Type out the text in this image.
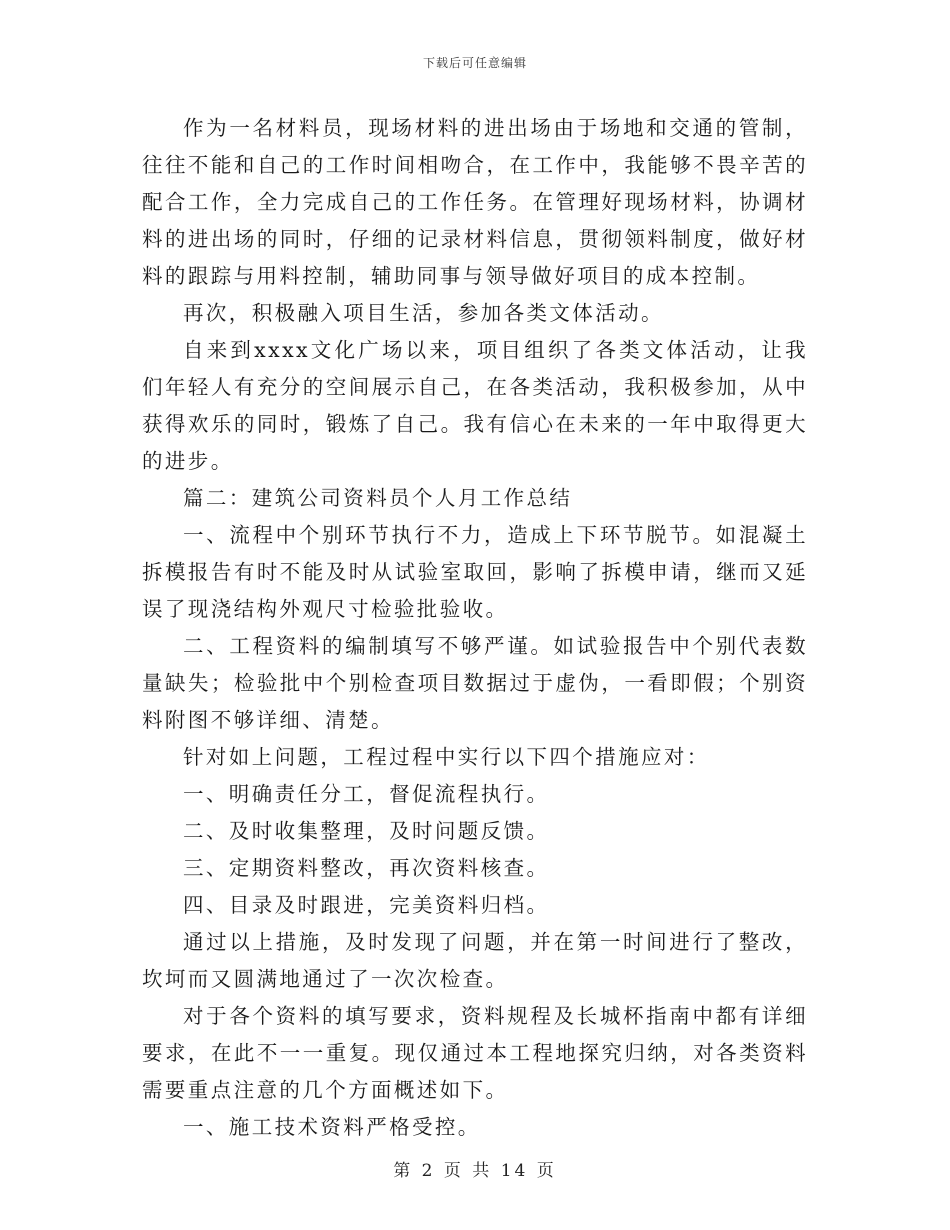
下载后可任意编辑

作为一名材料员，现场材料的进出场由于场地和交通的管制，往往不能和自己的工作时间相吻合，在工作中，我能够不畏辛苦的配合工作，全力完成自己的工作任务。在管理好现场材料，协调材料的进出场的同时，仔细的记录材料信息，贯彻领料制度，做好材料的跟踪与用料控制，辅助同事与领导做好项目的成本控制。

再次，积极融入项目生活，参加各类文体活动。

自来到xxxx文化广场以来，项目组织了各类文体活动，让我们年轻人有充分的空间展示自己，在各类活动，我积极参加，从中获得欢乐的同时，锻炼了自己。我有信心在未来的一年中取得更大的进步。

篇二：建筑公司资料员个人月工作总结

一、流程中个别环节执行不力，造成上下环节脱节。如混凝土拆模报告有时不能及时从试验室取回，影响了拆模申请，继而又延误了现浇结构外观尺寸检验批验收。

二、工程资料的编制填写不够严谨。如试验报告中个别代表数量缺失；检验批中个别检查项目数据过于虚伪，一看即假；个别资料附图不够详细、清楚。

针对如上问题，工程过程中实行以下四个措施应对：

一、明确责任分工，督促流程执行。

二、及时收集整理，及时问题反馈。

三、定期资料整改，再次资料核查。

四、目录及时跟进，完美资料归档。

通过以上措施，及时发现了问题，并在第一时间进行了整改，坎坷而又圆满地通过了一次次检查。

对于各个资料的填写要求，资料规程及长城杯指南中都有详细要求，在此不一一重复。现仅通过本工程地探究归纳，对各类资料需要重点注意的几个方面概述如下。

一、施工技术资料严格受控。

第 2 页 共 14 页
